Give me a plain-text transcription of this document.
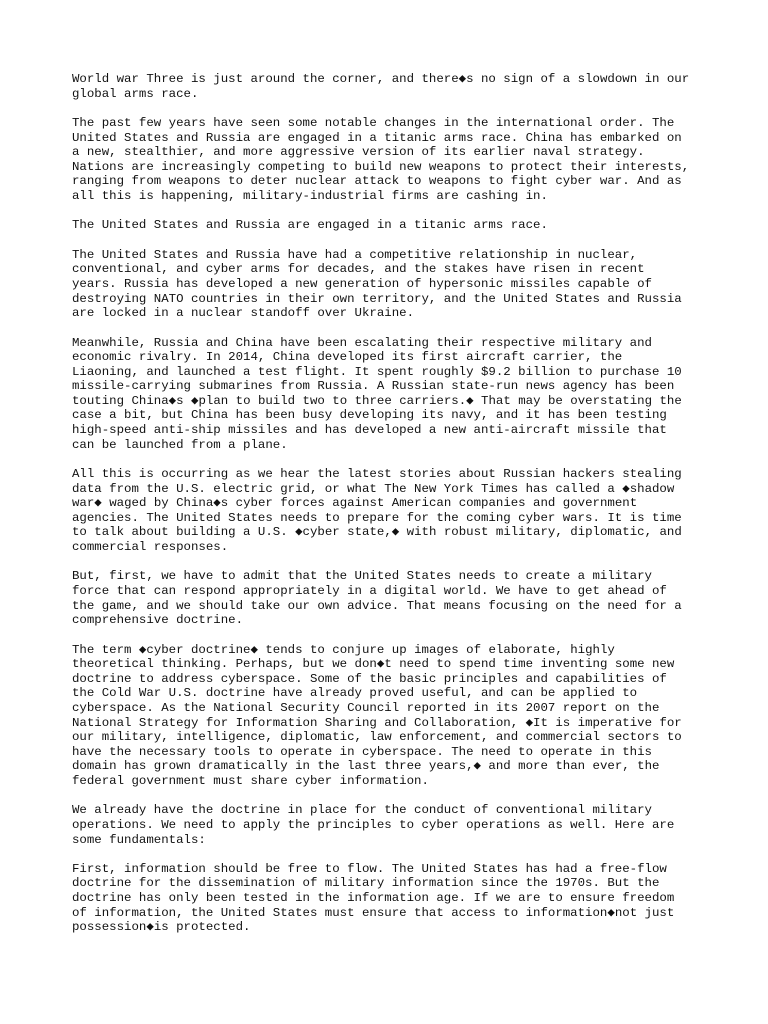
World war Three is just around the corner, and there◆s no sign of a slowdown in our
global arms race.

The past few years have seen some notable changes in the international order. The
United States and Russia are engaged in a titanic arms race. China has embarked on
a new, stealthier, and more aggressive version of its earlier naval strategy.
Nations are increasingly competing to build new weapons to protect their interests,
ranging from weapons to deter nuclear attack to weapons to fight cyber war. And as
all this is happening, military-industrial firms are cashing in.

The United States and Russia are engaged in a titanic arms race.

The United States and Russia have had a competitive relationship in nuclear,
conventional, and cyber arms for decades, and the stakes have risen in recent
years. Russia has developed a new generation of hypersonic missiles capable of
destroying NATO countries in their own territory, and the United States and Russia
are locked in a nuclear standoff over Ukraine.

Meanwhile, Russia and China have been escalating their respective military and
economic rivalry. In 2014, China developed its first aircraft carrier, the
Liaoning, and launched a test flight. It spent roughly $9.2 billion to purchase 10
missile-carrying submarines from Russia. A Russian state-run news agency has been
touting China◆s ◆plan to build two to three carriers.◆ That may be overstating the
case a bit, but China has been busy developing its navy, and it has been testing
high-speed anti-ship missiles and has developed a new anti-aircraft missile that
can be launched from a plane.

All this is occurring as we hear the latest stories about Russian hackers stealing
data from the U.S. electric grid, or what The New York Times has called a ◆shadow
war◆ waged by China◆s cyber forces against American companies and government
agencies. The United States needs to prepare for the coming cyber wars. It is time
to talk about building a U.S. ◆cyber state,◆ with robust military, diplomatic, and
commercial responses.

But, first, we have to admit that the United States needs to create a military
force that can respond appropriately in a digital world. We have to get ahead of
the game, and we should take our own advice. That means focusing on the need for a
comprehensive doctrine.

The term ◆cyber doctrine◆ tends to conjure up images of elaborate, highly
theoretical thinking. Perhaps, but we don◆t need to spend time inventing some new
doctrine to address cyberspace. Some of the basic principles and capabilities of
the Cold War U.S. doctrine have already proved useful, and can be applied to
cyberspace. As the National Security Council reported in its 2007 report on the
National Strategy for Information Sharing and Collaboration, ◆It is imperative for
our military, intelligence, diplomatic, law enforcement, and commercial sectors to
have the necessary tools to operate in cyberspace. The need to operate in this
domain has grown dramatically in the last three years,◆ and more than ever, the
federal government must share cyber information.

We already have the doctrine in place for the conduct of conventional military
operations. We need to apply the principles to cyber operations as well. Here are
some fundamentals:

First, information should be free to flow. The United States has had a free-flow
doctrine for the dissemination of military information since the 1970s. But the
doctrine has only been tested in the information age. If we are to ensure freedom
of information, the United States must ensure that access to information◆not just
possession◆is protected.
